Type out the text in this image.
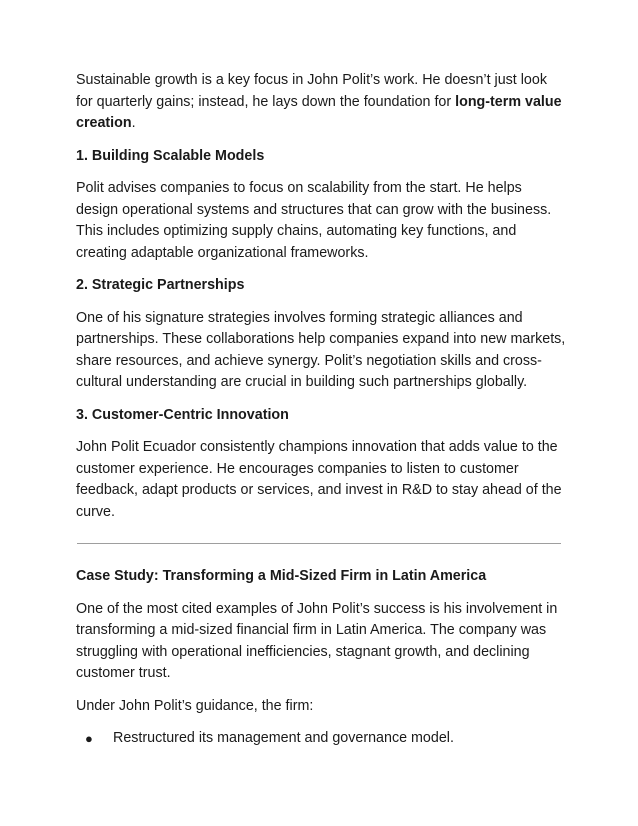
Sustainable growth is a key focus in John Polit’s work. He doesn’t just look for quarterly gains; instead, he lays down the foundation for long-term value creation.

1. Building Scalable Models

Polit advises companies to focus on scalability from the start. He helps design operational systems and structures that can grow with the business. This includes optimizing supply chains, automating key functions, and creating adaptable organizational frameworks.

2. Strategic Partnerships

One of his signature strategies involves forming strategic alliances and partnerships. These collaborations help companies expand into new markets, share resources, and achieve synergy. Polit’s negotiation skills and cross-cultural understanding are crucial in building such partnerships globally.

3. Customer-Centric Innovation

John Polit Ecuador consistently champions innovation that adds value to the customer experience. He encourages companies to listen to customer feedback, adapt products or services, and invest in R&D to stay ahead of the curve.

Case Study: Transforming a Mid-Sized Firm in Latin America

One of the most cited examples of John Polit’s success is his involvement in transforming a mid-sized financial firm in Latin America. The company was struggling with operational inefficiencies, stagnant growth, and declining customer trust.

Under John Polit’s guidance, the firm:

● Restructured its management and governance model.
